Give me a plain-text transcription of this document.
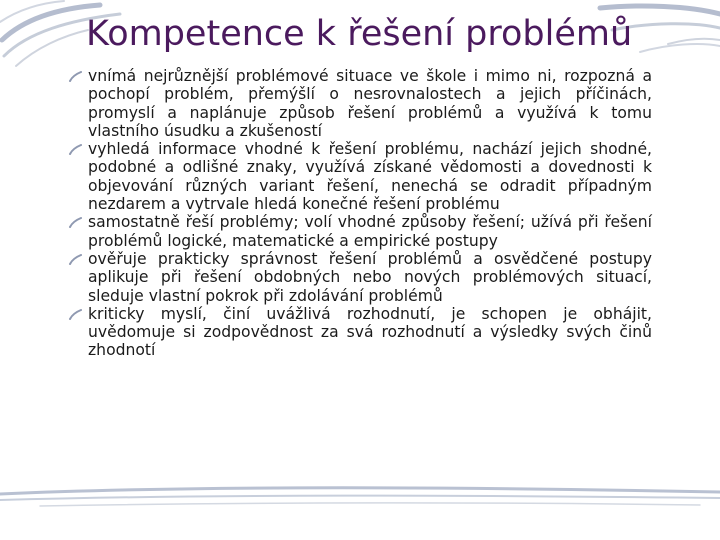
Kompetence k řešení problémů
vnímá nejrůznější problémové situace ve škole i mimo ni, rozpozná a pochopí problém, přemýšlí o nesrovnalostech a jejich příčinách, promyslí a naplánuje způsob řešení problémů a využívá k tomu vlastního úsudku a zkušeností
vyhledá informace vhodné k řešení problému, nachází jejich shodné, podobné a odlišné znaky, využívá získané vědomosti a dovednosti k objevování různých variant řešení, nenechá se odradit případným nezdarem a vytrvale hledá konečné řešení problému
samostatně řeší problémy; volí vhodné způsoby řešení; užívá při řešení problémů logické, matematické a empirické postupy
ověřuje prakticky správnost řešení problémů a osvědčené postupy aplikuje při řešení obdobných nebo nových problémových situací, sleduje vlastní pokrok při zdolávání problémů
kriticky myslí, činí uvážlivá rozhodnutí, je schopen je obhájit, uvědomuje si zodpovědnost za svá rozhodnutí a výsledky svých činů zhodnotí
